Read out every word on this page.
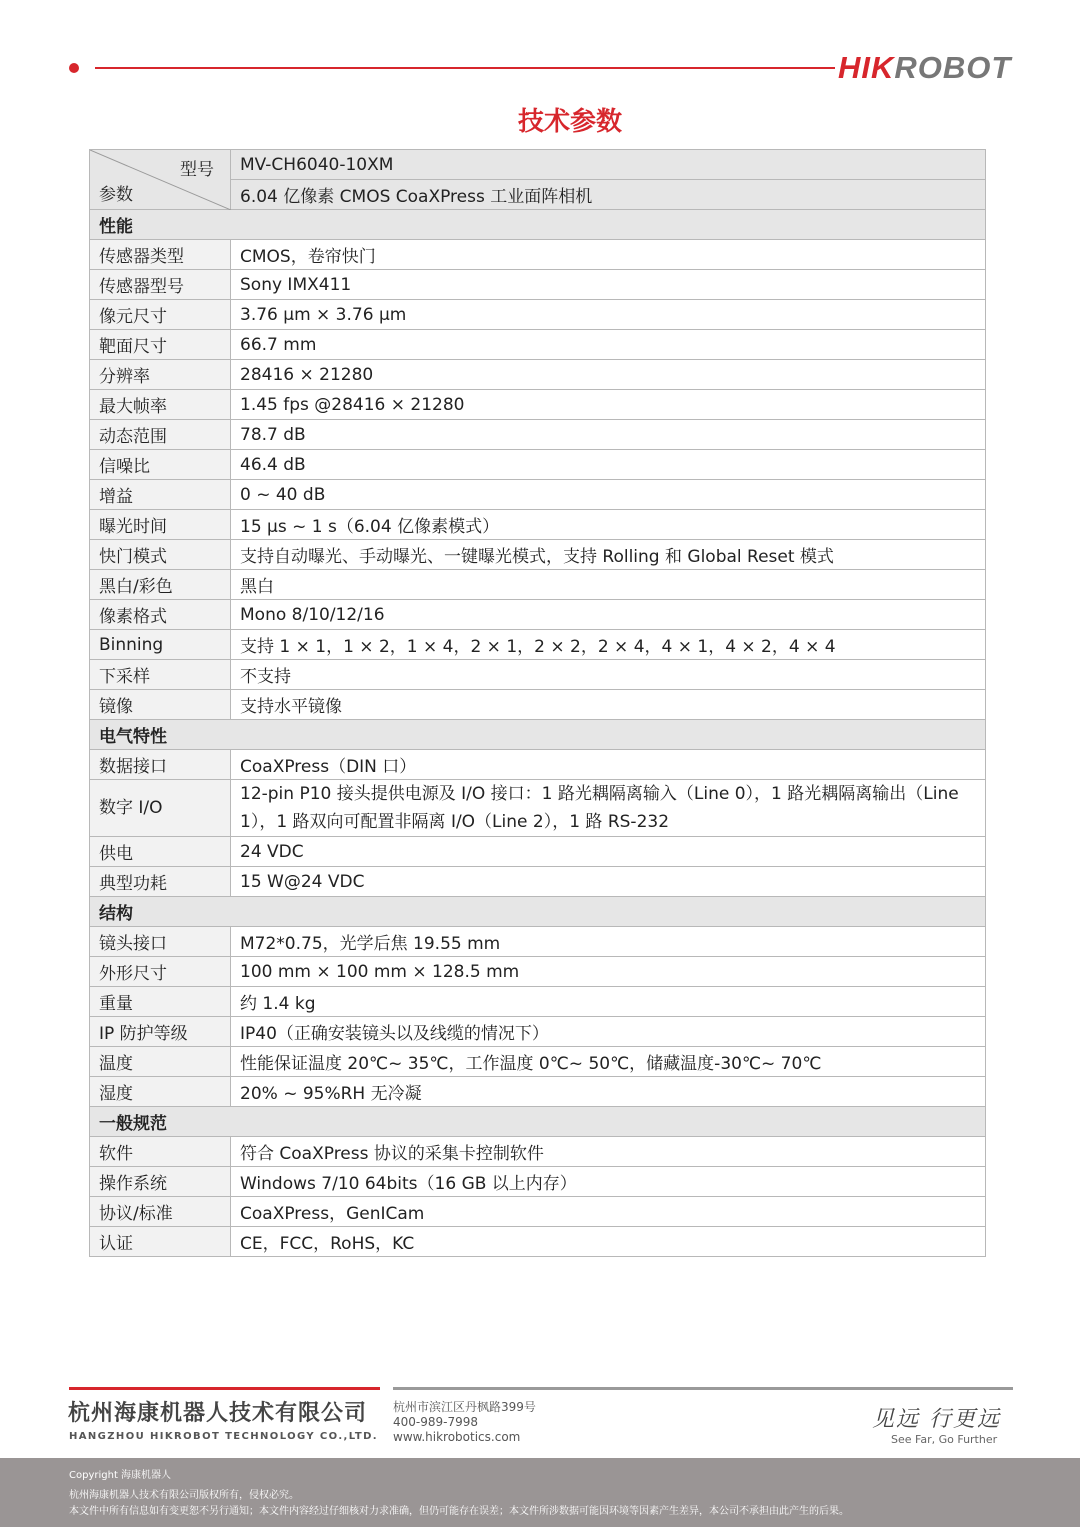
HIKROBOT
技术参数
型号
参数	MV-CH6040-10XM
	6.04 亿像素 CMOS CoaXPress 工业面阵相机
性能	
传感器类型	CMOS，卷帘快门
传感器型号	Sony IMX411
像元尺寸	3.76 µm × 3.76 µm
靶面尺寸	66.7 mm
分辨率	28416 × 21280
最大帧率	1.45 fps @28416 × 21280
动态范围	78.7 dB
信噪比	46.4 dB
增益	0 ~ 40 dB
曝光时间	15 µs ~ 1 s（6.04 亿像素模式）
快门模式	支持自动曝光、手动曝光、一键曝光模式，支持 Rolling 和 Global Reset 模式
黑白/彩色	黑白
像素格式	Mono 8/10/12/16
Binning	支持 1 × 1，1 × 2，1 × 4，2 × 1，2 × 2，2 × 4，4 × 1，4 × 2，4 × 4
下采样	不支持
镜像	支持水平镜像
电气特性	
数据接口	CoaXPress（DIN 口）
数字 I/O	12-pin P10 接头提供电源及 I/O 接口：1 路光耦隔离输入（Line 0），1 路光耦隔离输出（Line 1），1 路双向可配置非隔离 I/O（Line 2），1 路 RS-232
供电	24 VDC
典型功耗	15 W@24 VDC
结构	
镜头接口	M72*0.75，光学后焦 19.55 mm
外形尺寸	100 mm × 100 mm × 128.5 mm
重量	约 1.4 kg
IP 防护等级	IP40（正确安装镜头以及线缆的情况下）
温度	性能保证温度 20℃~ 35℃，工作温度 0℃~ 50℃，储藏温度-30℃~ 70℃
湿度	20% ~ 95%RH 无冷凝
一般规范	
软件	符合 CoaXPress 协议的采集卡控制软件
操作系统	Windows 7/10 64bits（16 GB 以上内存）
协议/标准	CoaXPress，GenICam
认证	CE，FCC，RoHS，KC
杭州海康机器人技术有限公司
HANGZHOU HIKROBOT TECHNOLOGY CO.,LTD.
杭州市滨江区丹枫路399号
400-989-7998
www.hikrobotics.com
见远 行更远
See Far, Go Further
Copyright 海康机器人
杭州海康机器人技术有限公司版权所有，侵权必究。
本文件中所有信息如有变更恕不另行通知；本文件内容经过仔细核对力求准确，但仍可能存在误差；本文件所涉数据可能因环境等因素产生差异，本公司不承担由此产生的后果。
